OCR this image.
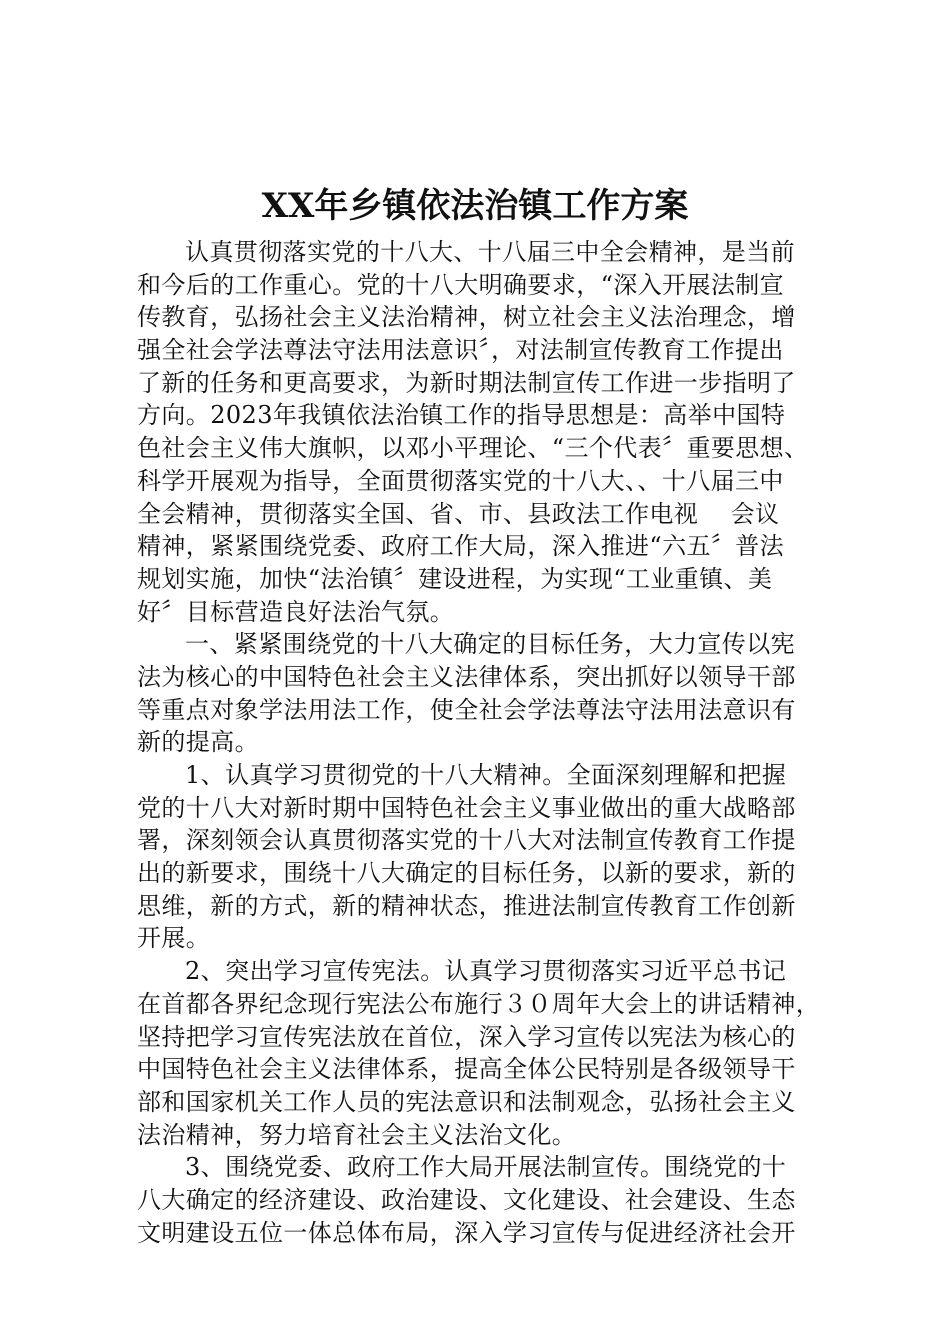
XX年乡镇依法治镇工作方案
认真贯彻落实党的十八大、十八届三中全会精神，是当前
和今后的工作重心。党的十八大明确要求，“深入开展法制宣
传教育，弘扬社会主义法治精神，树立社会主义法治理念，增
强全社会学法尊法守法用法意识〞，对法制宣传教育工作提出
了新的任务和更高要求，为新时期法制宣传工作进一步指明了
方向。2023年我镇依法治镇工作的指导思想是：高举中国特
色社会主义伟大旗帜，以邓小平理论、“三个代表〞重要思想、
科学开展观为指导，全面贯彻落实党的十八大、、十八届三中
全会精神，贯彻落实全国、省、市、县政法工作电视　 会议
精神，紧紧围绕党委、政府工作大局，深入推进“六五〞普法
规划实施，加快“法治镇〞建设进程，为实现“工业重镇、美
好〞目标营造良好法治气氛。
一、紧紧围绕党的十八大确定的目标任务，大力宣传以宪
法为核心的中国特色社会主义法律体系，突出抓好以领导干部
等重点对象学法用法工作，使全社会学法尊法守法用法意识有
新的提高。
1、认真学习贯彻党的十八大精神。全面深刻理解和把握
党的十八大对新时期中国特色社会主义事业做出的重大战略部
署，深刻领会认真贯彻落实党的十八大对法制宣传教育工作提
出的新要求，围绕十八大确定的目标任务，以新的要求，新的
思维，新的方式，新的精神状态，推进法制宣传教育工作创新
开展。
2、突出学习宣传宪法。认真学习贯彻落实习近平总书记
在首都各界纪念现行宪法公布施行３０周年大会上的讲话精神，
坚持把学习宣传宪法放在首位，深入学习宣传以宪法为核心的
中国特色社会主义法律体系，提高全体公民特别是各级领导干
部和国家机关工作人员的宪法意识和法制观念，弘扬社会主义
法治精神，努力培育社会主义法治文化。
3、围绕党委、政府工作大局开展法制宣传。围绕党的十
八大确定的经济建设、政治建设、文化建设、社会建设、生态
文明建设五位一体总体布局，深入学习宣传与促进经济社会开
